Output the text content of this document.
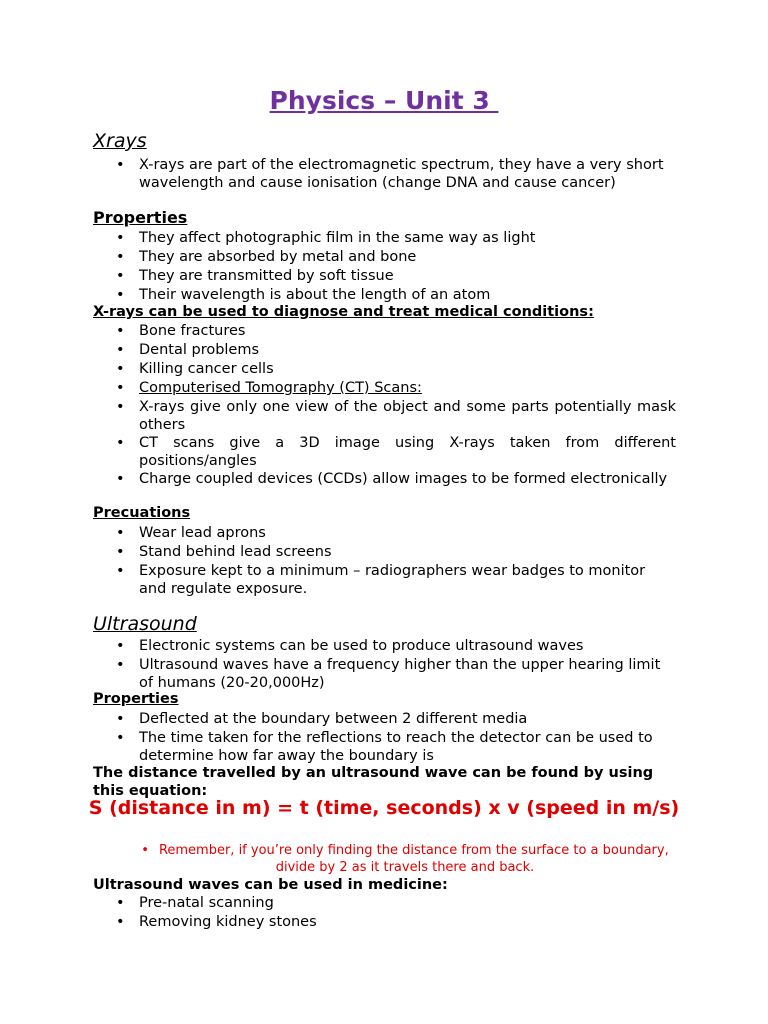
Physics – Unit 3
Xrays
• X-rays are part of the electromagnetic spectrum, they have a very short wavelength and cause ionisation (change DNA and cause cancer)
Properties
• They affect photographic film in the same way as light
• They are absorbed by metal and bone
• They are transmitted by soft tissue
• Their wavelength is about the length of an atom
X-rays can be used to diagnose and treat medical conditions:
• Bone fractures
• Dental problems
• Killing cancer cells
• Computerised Tomography (CT) Scans:
• X-rays give only one view of the object and some parts potentially mask others
• CT scans give a 3D image using X-rays taken from different positions/angles
• Charge coupled devices (CCDs) allow images to be formed electronically
Precuations
• Wear lead aprons
• Stand behind lead screens
• Exposure kept to a minimum – radiographers wear badges to monitor and regulate exposure.
Ultrasound
• Electronic systems can be used to produce ultrasound waves
• Ultrasound waves have a frequency higher than the upper hearing limit of humans (20-20,000Hz)
Properties
• Deflected at the boundary between 2 different media
• The time taken for the reflections to reach the detector can be used to determine how far away the boundary is
The distance travelled by an ultrasound wave can be found by using this equation:
S (distance in m) = t (time, seconds) x v (speed in m/s)
• Remember, if you’re only finding the distance from the surface to a boundary, divide by 2 as it travels there and back.
Ultrasound waves can be used in medicine:
• Pre-natal scanning
• Removing kidney stones
